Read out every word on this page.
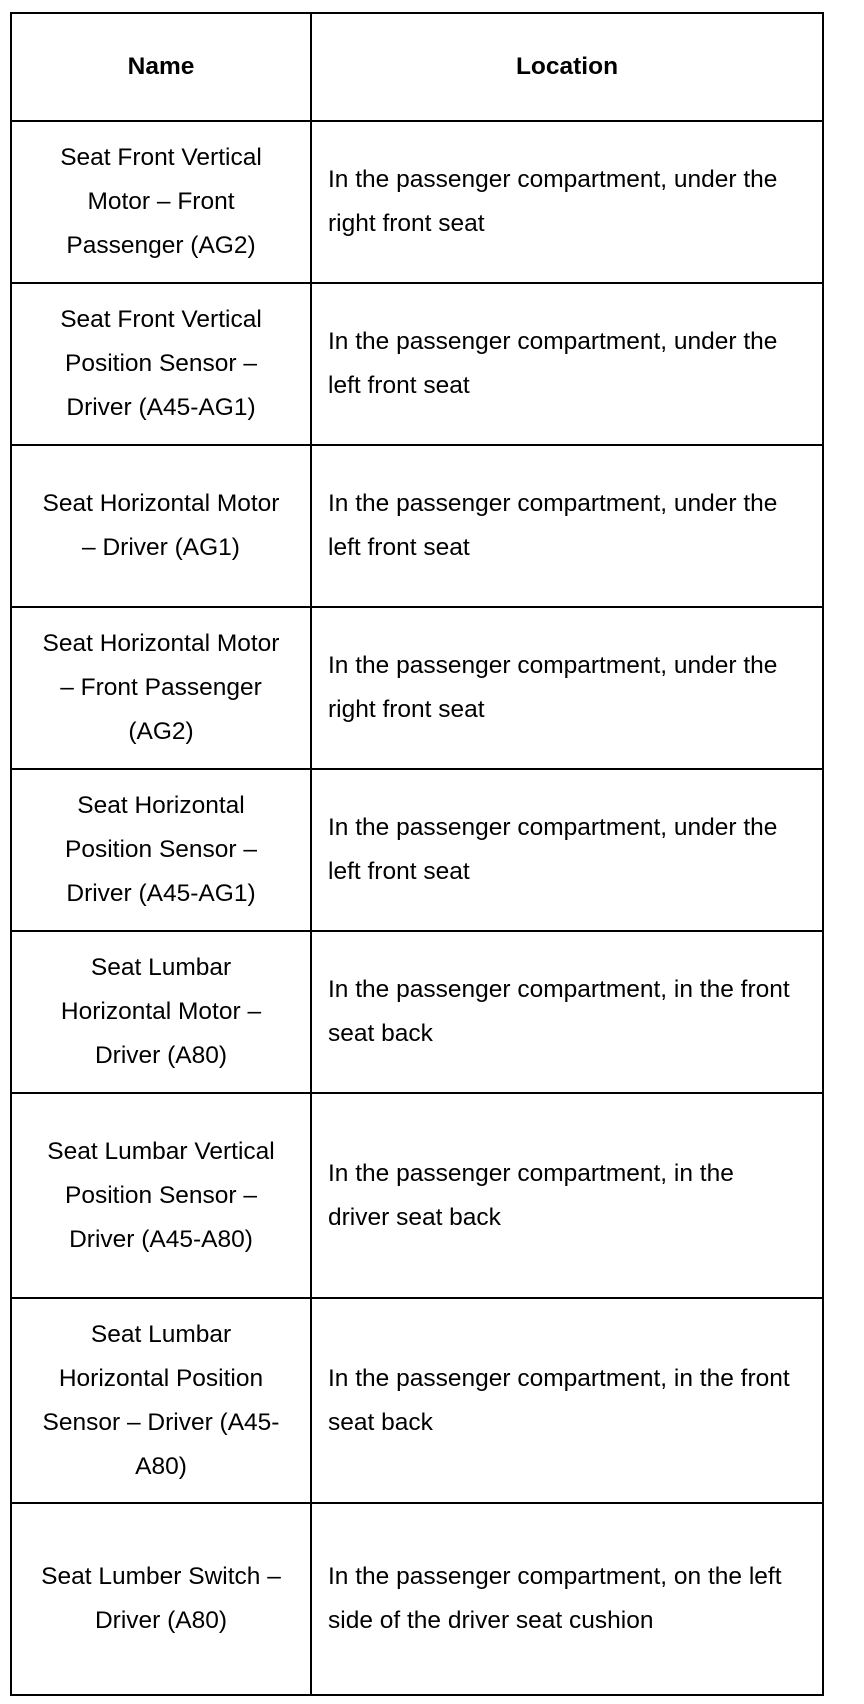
Name	Location
Seat Front Vertical Motor – Front Passenger (AG2)	In the passenger compartment, under the right front seat
Seat Front Vertical Position Sensor – Driver (A45-AG1)	In the passenger compartment, under the left front seat
Seat Horizontal Motor – Driver (AG1)	In the passenger compartment, under the left front seat
Seat Horizontal Motor – Front Passenger (AG2)	In the passenger compartment, under the right front seat
Seat Horizontal Position Sensor – Driver (A45-AG1)	In the passenger compartment, under the left front seat
Seat Lumbar Horizontal Motor – Driver (A80)	In the passenger compartment, in the front seat back
Seat Lumbar Vertical Position Sensor – Driver (A45-A80)	In the passenger compartment, in the driver seat back
Seat Lumbar Horizontal Position Sensor – Driver (A45-A80)	In the passenger compartment, in the front seat back
Seat Lumber Switch – Driver (A80)	In the passenger compartment, on the left side of the driver seat cushion
